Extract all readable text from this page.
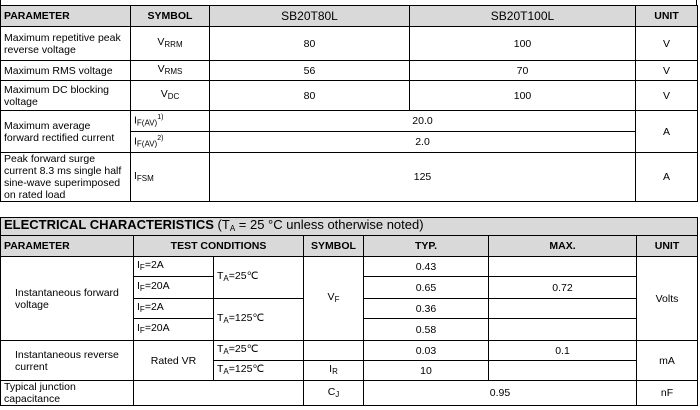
PARAMETER	SYMBOL	SB20T80L	SB20T100L	UNIT
Maximum repetitive peak reverse voltage	$V_{RRM}$	80	100	V
Maximum RMS voltage	$V_{RMS}$	56	70	V
Maximum DC blocking voltage	$V_{DC}$	80	100	V
Maximum average forward rectified current	$I_{F(AV)}^{1)}$	20.0		A
	$I_{F(AV)}^{2)}$	2.0		
Peak forward surge current 8.3 ms single half sine-wave superimposed on rated load	$I_{FSM}$	125		A
ELECTRICAL CHARACTERISTICS ($T_A = 25$ °C unless otherwise noted)						
PARAMETER	TEST CONDITIONS		SYMBOL	TYP.	MAX.	UNIT
Instantaneous forward voltage	$I_F=2A$	$T_A=25℃$	$V_F$	0.43		Volts
	$I_F=20A$			0.65	0.72	
	$I_F=2A$	$T_A=125℃$		0.36		
	$I_F=20A$			0.58		
Instantaneous reverse current	Rated VR	$T_A=25℃$		0.03	0.1	mA
		$T_A=125℃$	$I_R$	10		
Typical junction capacitance			$C_J$	0.95		nF
